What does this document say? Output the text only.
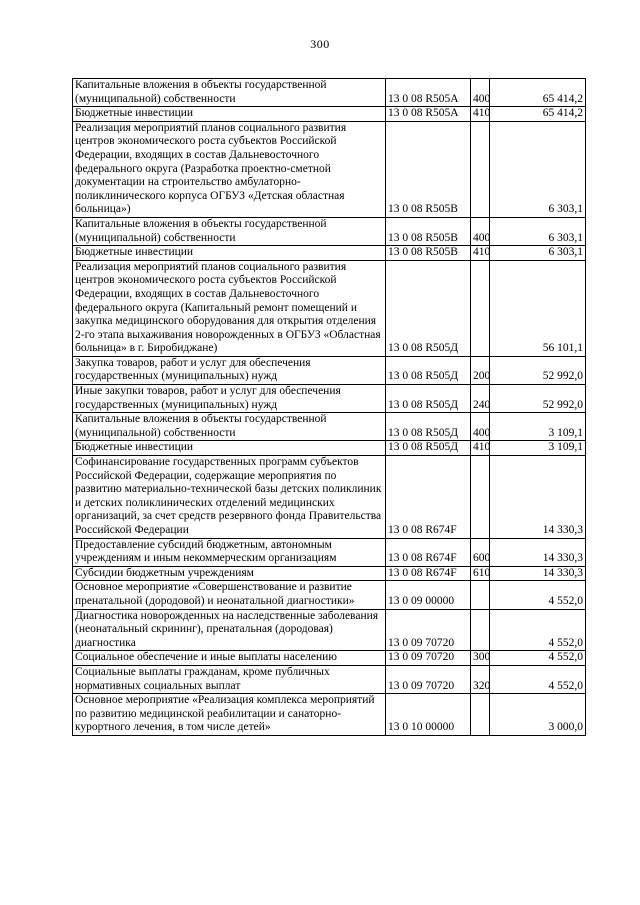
300
Капитальные вложения в объекты государственной (муниципальной) собственности	13 0 08 R505А	400	65 414,2
Бюджетные инвестиции	13 0 08 R505А	410	65 414,2
Реализация мероприятий планов социального развития центров экономического роста субъектов Российской Федерации, входящих в состав Дальневосточного федерального округа (Разработка проектно-сметной документации на строительство амбулаторно-поликлинического корпуса ОГБУЗ «Детская областная больница»)	13 0 08 R505В		6 303,1
Капитальные вложения в объекты государственной (муниципальной) собственности	13 0 08 R505В	400	6 303,1
Бюджетные инвестиции	13 0 08 R505В	410	6 303,1
Реализация мероприятий планов социального развития центров экономического роста субъектов Российской Федерации, входящих в состав Дальневосточного федерального округа (Капитальный ремонт помещений и закупка медицинского оборудования для открытия отделения 2-го этапа выхаживания новорожденных в ОГБУЗ «Областная больница» в г. Биробиджане)	13 0 08 R505Д		56 101,1
Закупка товаров, работ и услуг для обеспечения государственных (муниципальных) нужд	13 0 08 R505Д	200	52 992,0
Иные закупки товаров, работ и услуг для обеспечения государственных (муниципальных) нужд	13 0 08 R505Д	240	52 992,0
Капитальные вложения в объекты государственной (муниципальной) собственности	13 0 08 R505Д	400	3 109,1
Бюджетные инвестиции	13 0 08 R505Д	410	3 109,1
Софинансирование государственных программ субъектов Российской Федерации, содержащие мероприятия по развитию материально-технической базы детских поликлиник и детских поликлинических отделений медицинских организаций, за счет средств резервного фонда Правительства Российской Федерации	13 0 08 R674F		14 330,3
Предоставление субсидий бюджетным, автономным учреждениям и иным некоммерческим организациям	13 0 08 R674F	600	14 330,3
Субсидии бюджетным учреждениям	13 0 08 R674F	610	14 330,3
Основное мероприятие «Совершенствование и развитие пренатальной (дородовой) и неонатальной диагностики»	13 0 09 00000		4 552,0
Диагностика новорожденных на наследственные заболевания (неонатальный скрининг), пренатальная (дородовая) диагностика	13 0 09 70720		4 552,0
Социальное обеспечение и иные выплаты населению	13 0 09 70720	300	4 552,0
Социальные выплаты гражданам, кроме публичных нормативных социальных выплат	13 0 09 70720	320	4 552,0
Основное мероприятие «Реализация комплекса мероприятий по развитию медицинской реабилитации и санаторно-курортного лечения, в том числе детей»	13 0 10 00000		3 000,0
